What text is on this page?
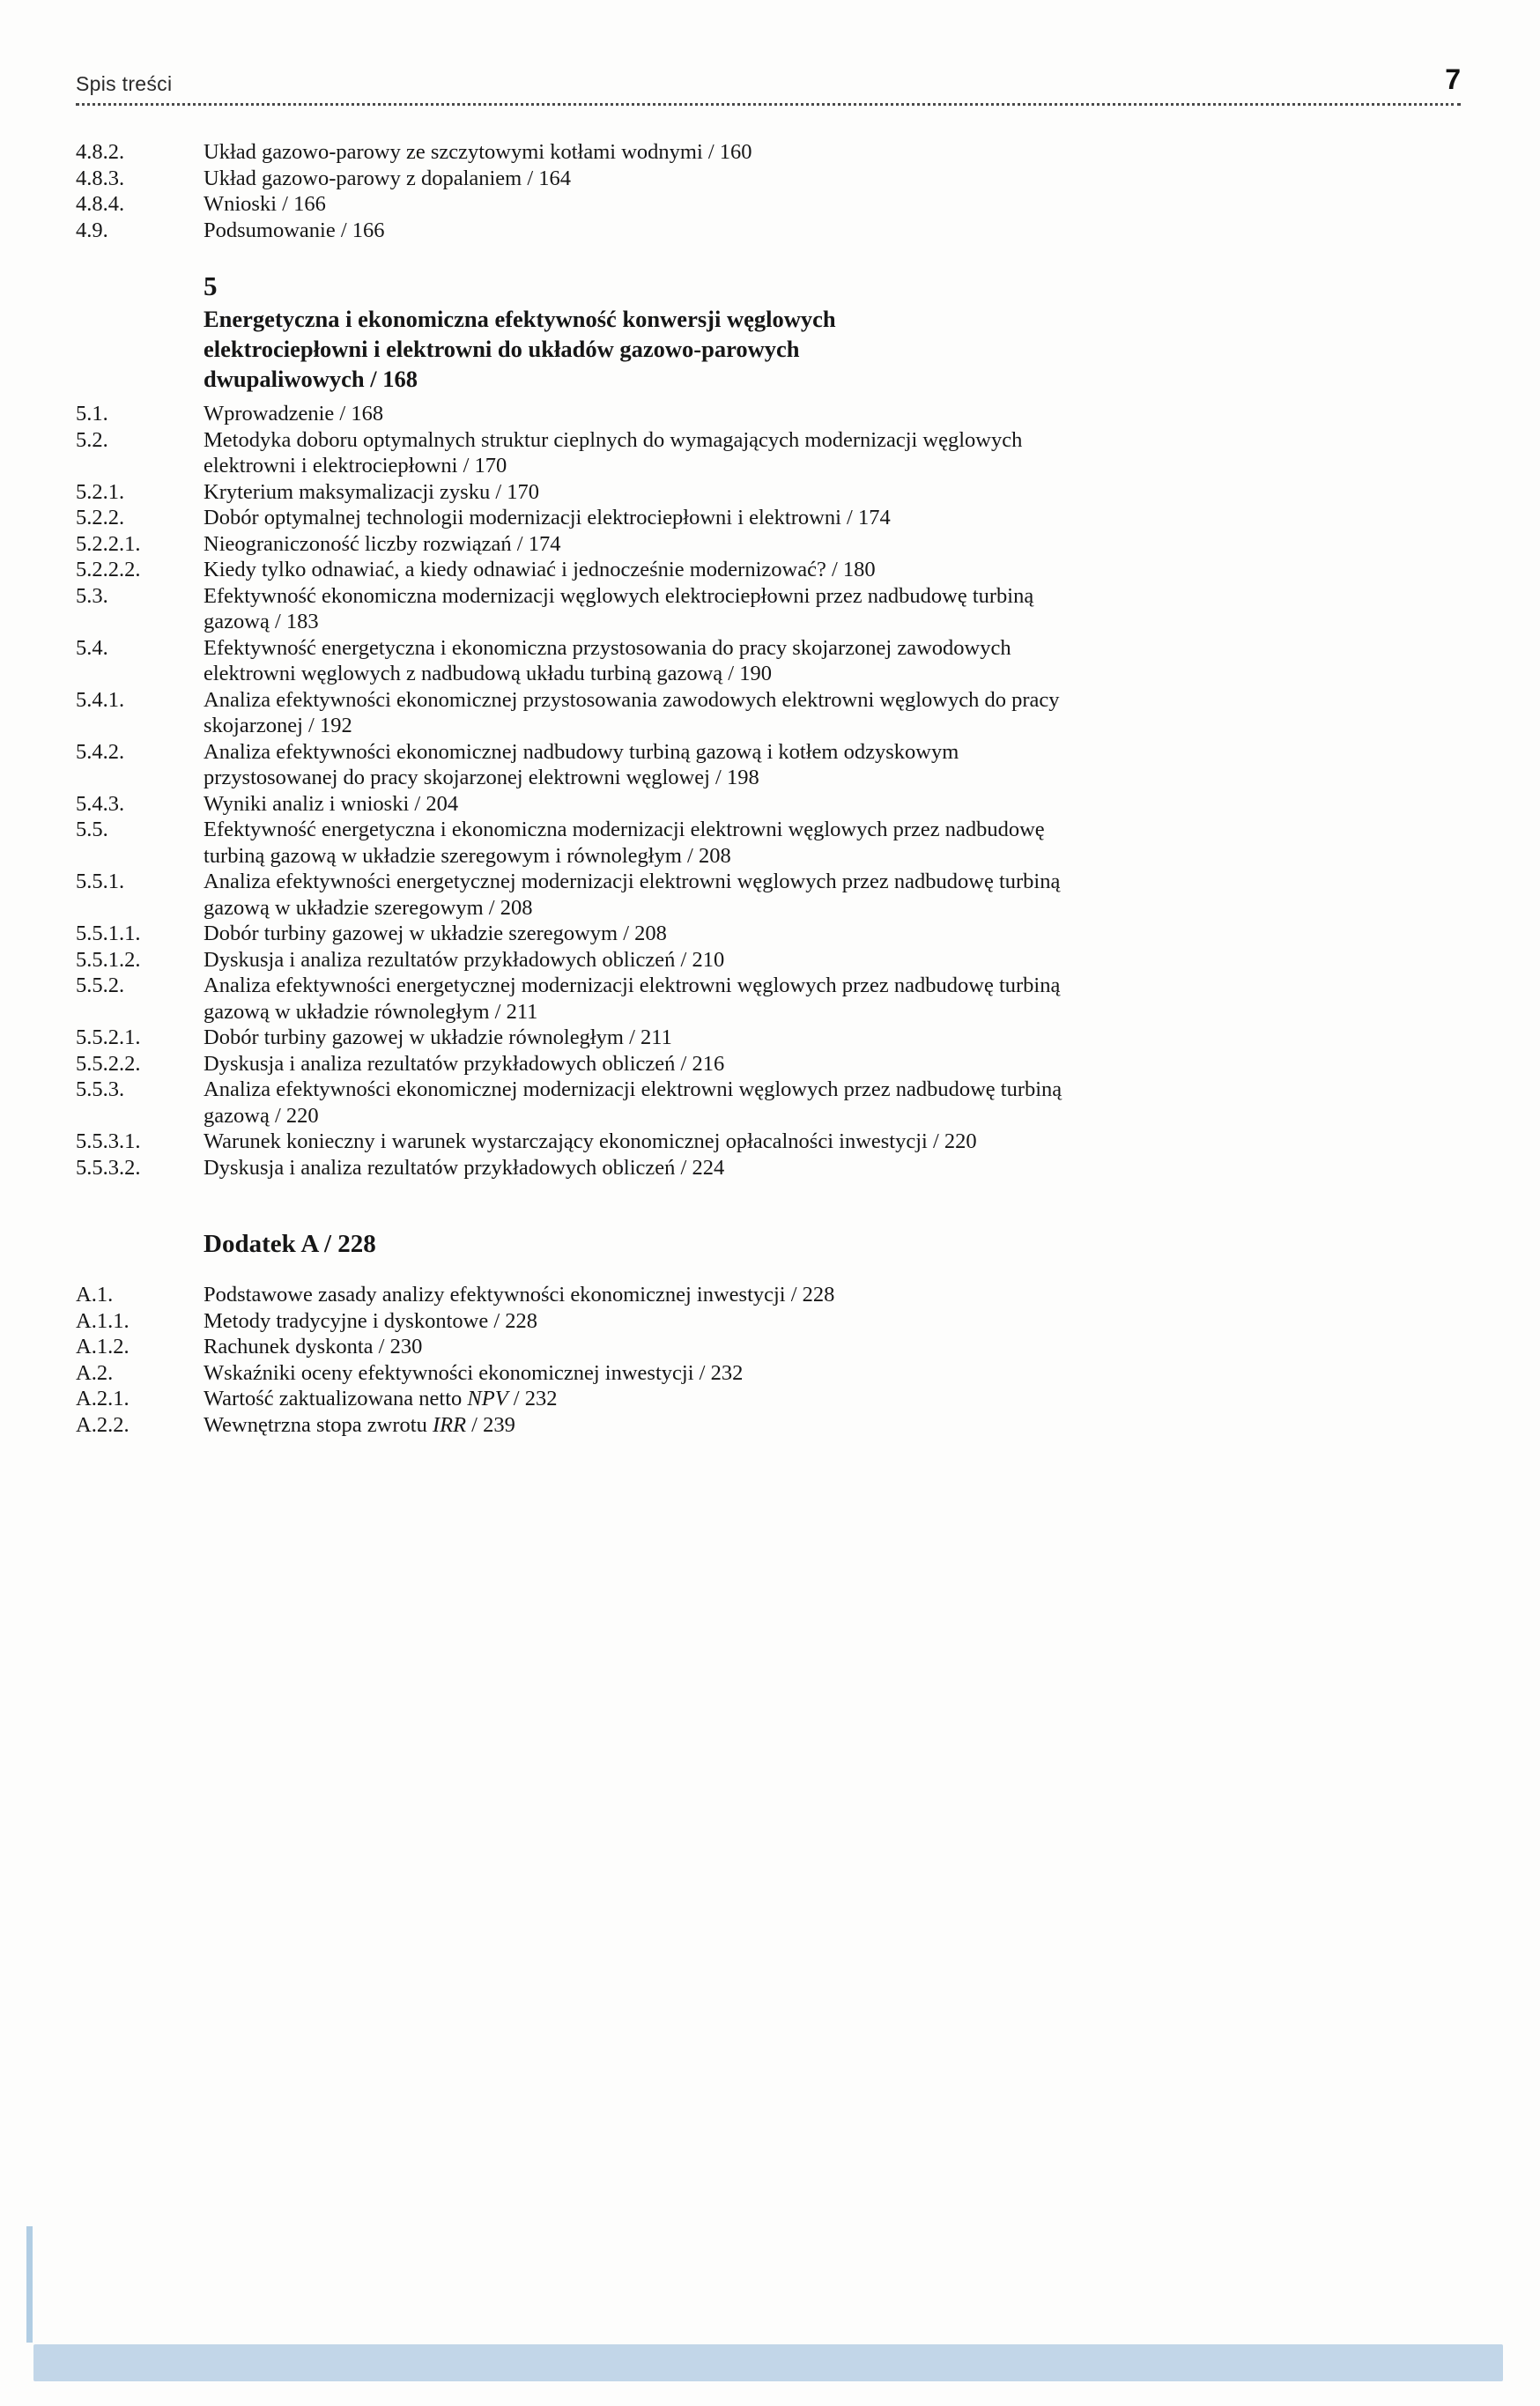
Spis treści	7
4.8.2.	Układ gazowo-parowy ze szczytowymi kotłami wodnymi / 160
4.8.3.	Układ gazowo-parowy z dopalaniem / 164
4.8.4.	Wnioski / 166
4.9.	Podsumowanie / 166
5
Energetyczna i ekonomiczna efektywność konwersji węglowych elektrociepłowni i elektrowni do układów gazowo-parowych dwupaliwowych / 168
5.1.	Wprowadzenie / 168
5.2.	Metodyka doboru optymalnych struktur cieplnych do wymagających modernizacji węglowych elektrowni i elektrociepłowni / 170
5.2.1.	Kryterium maksymalizacji zysku / 170
5.2.2.	Dobór optymalnej technologii modernizacji elektrociepłowni i elektrowni / 174
5.2.2.1.	Nieograniczoność liczby rozwiązań / 174
5.2.2.2.	Kiedy tylko odnawiać, a kiedy odnawiać i jednocześnie modernizować? / 180
5.3.	Efektywność ekonomiczna modernizacji węglowych elektrociepłowni przez nadbudowę turbiną gazową / 183
5.4.	Efektywność energetyczna i ekonomiczna przystosowania do pracy skojarzonej zawodowych elektrowni węglowych z nadbudową układu turbiną gazową / 190
5.4.1.	Analiza efektywności ekonomicznej przystosowania zawodowych elektrowni węglowych do pracy skojarzonej / 192
5.4.2.	Analiza efektywności ekonomicznej nadbudowy turbiną gazową i kotłem odzyskowym przystosowanej do pracy skojarzonej elektrowni węglowej / 198
5.4.3.	Wyniki analiz i wnioski / 204
5.5.	Efektywność energetyczna i ekonomiczna modernizacji elektrowni węglowych przez nadbudowę turbiną gazową w układzie szeregowym i równoległym / 208
5.5.1.	Analiza efektywności energetycznej modernizacji elektrowni węglowych przez nadbudowę turbiną gazową w układzie szeregowym / 208
5.5.1.1.	Dobór turbiny gazowej w układzie szeregowym / 208
5.5.1.2.	Dyskusja i analiza rezultatów przykładowych obliczeń / 210
5.5.2.	Analiza efektywności energetycznej modernizacji elektrowni węglowych przez nadbudowę turbiną gazową w układzie równoległym / 211
5.5.2.1.	Dobór turbiny gazowej w układzie równoległym / 211
5.5.2.2.	Dyskusja i analiza rezultatów przykładowych obliczeń / 216
5.5.3.	Analiza efektywności ekonomicznej modernizacji elektrowni węglowych przez nadbudowę turbiną gazową / 220
5.5.3.1.	Warunek konieczny i warunek wystarczający ekonomicznej opłacalności inwestycji / 220
5.5.3.2.	Dyskusja i analiza rezultatów przykładowych obliczeń / 224
Dodatek A / 228
A.1.	Podstawowe zasady analizy efektywności ekonomicznej inwestycji / 228
A.1.1.	Metody tradycyjne i dyskontowe / 228
A.1.2.	Rachunek dyskonta / 230
A.2.	Wskaźniki oceny efektywności ekonomicznej inwestycji / 232
A.2.1.	Wartość zaktualizowana netto NPV / 232
A.2.2.	Wewnętrzna stopa zwrotu IRR / 239
